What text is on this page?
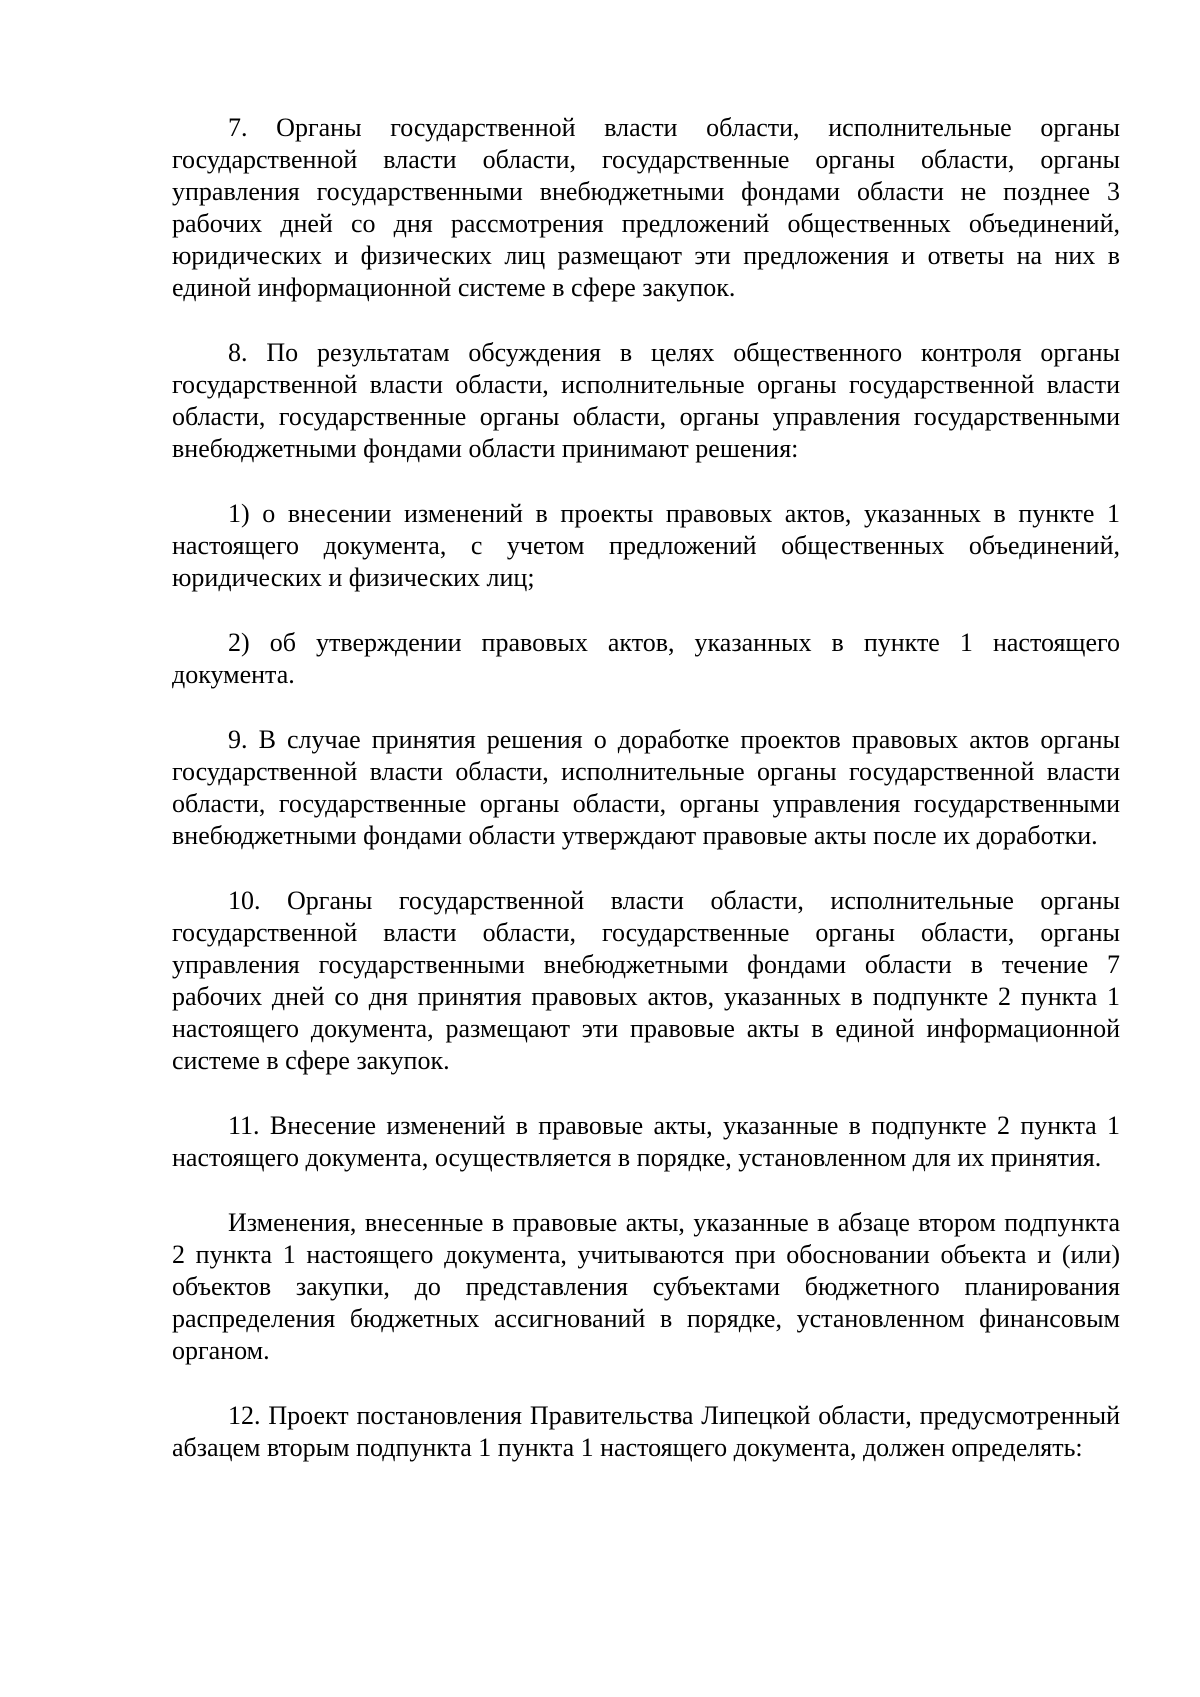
7. Органы государственной власти области, исполнительные органы государственной власти области, государственные органы области, органы управления государственными внебюджетными фондами области не позднее 3 рабочих дней со дня рассмотрения предложений общественных объединений, юридических и физических лиц размещают эти предложения и ответы на них в единой информационной системе в сфере закупок.

8. По результатам обсуждения в целях общественного контроля органы государственной власти области, исполнительные органы государственной власти области, государственные органы области, органы управления государственными внебюджетными фондами области принимают решения:

1) о внесении изменений в проекты правовых актов, указанных в пункте 1 настоящего документа, с учетом предложений общественных объединений, юридических и физических лиц;

2) об утверждении правовых актов, указанных в пункте 1 настоящего документа.

9. В случае принятия решения о доработке проектов правовых актов органы государственной власти области, исполнительные органы государственной власти области, государственные органы области, органы управления государственными внебюджетными фондами области утверждают правовые акты после их доработки.

10. Органы государственной власти области, исполнительные органы государственной власти области, государственные органы области, органы управления государственными внебюджетными фондами области в течение 7 рабочих дней со дня принятия правовых актов, указанных в подпункте 2 пункта 1 настоящего документа, размещают эти правовые акты в единой информационной системе в сфере закупок.

11. Внесение изменений в правовые акты, указанные в подпункте 2 пункта 1 настоящего документа, осуществляется в порядке, установленном для их принятия.

Изменения, внесенные в правовые акты, указанные в абзаце втором подпункта 2 пункта 1 настоящего документа, учитываются при обосновании объекта и (или) объектов закупки, до представления субъектами бюджетного планирования распределения бюджетных ассигнований в порядке, установленном финансовым органом.

12. Проект постановления Правительства Липецкой области, предусмотренный абзацем вторым подпункта 1 пункта 1 настоящего документа, должен определять:
